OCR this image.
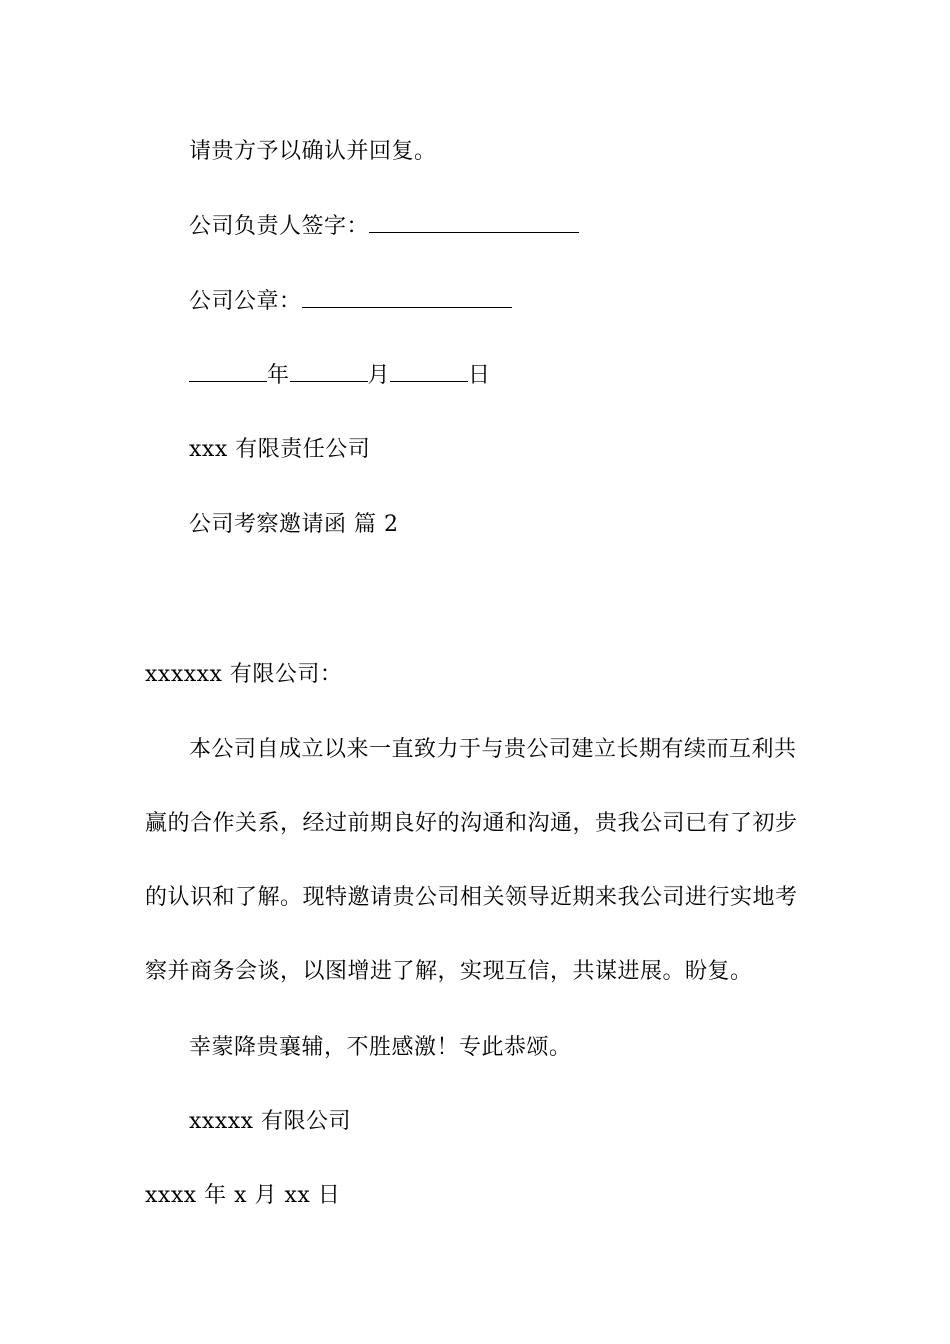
请贵方予以确认并回复。
公司负责人签字：
公司公章：
年	月	日
xxx 有限责任公司
公司考察邀请函 篇 2
xxxxxx 有限公司：
本公司自成立以来一直致力于与贵公司建立长期有续而互利共
赢的合作关系，经过前期良好的沟通和沟通，贵我公司已有了初步
的认识和了解。现特邀请贵公司相关领导近期来我公司进行实地考
察并商务会谈，以图增进了解，实现互信，共谋进展。盼复。
幸蒙降贵襄辅，不胜感激！专此恭颂。
xxxxx 有限公司
xxxx 年 x 月 xx 日
